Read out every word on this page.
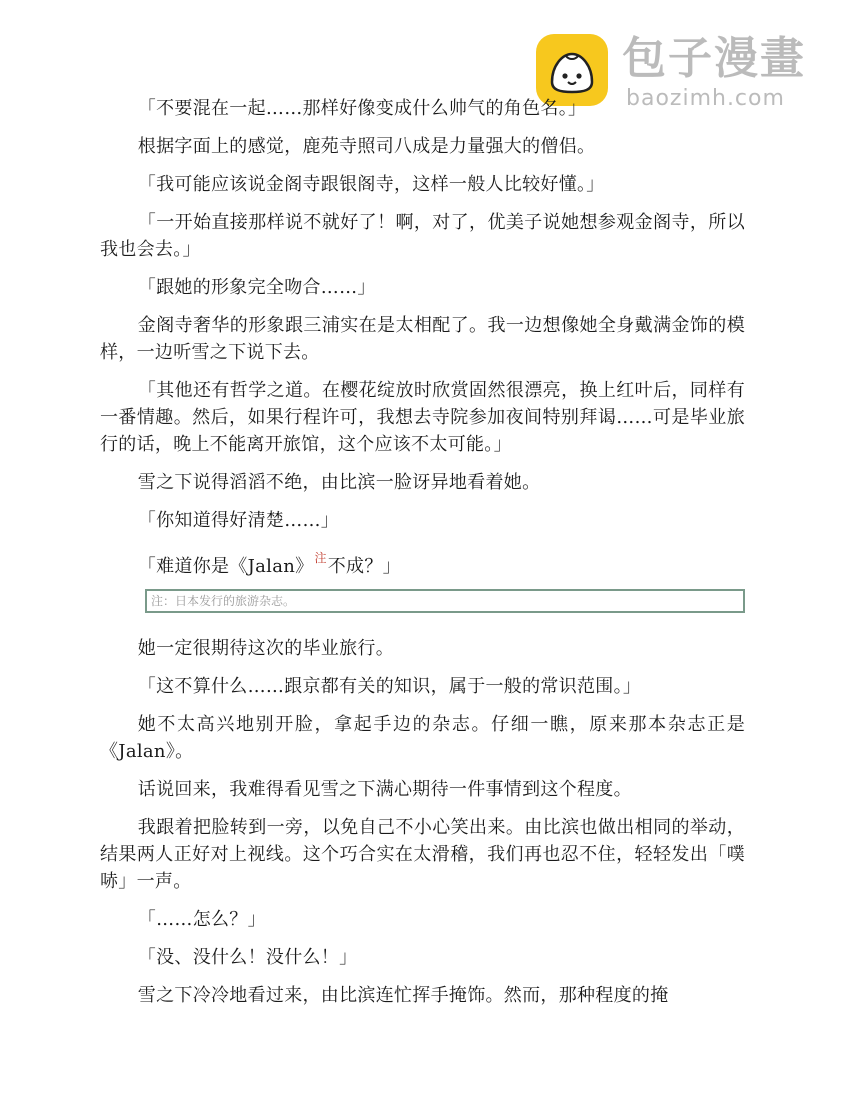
包子漫畫
baozimh.com

「不要混在一起……那样好像变成什么帅气的角色名。」

根据字面上的感觉，鹿苑寺照司八成是力量强大的僧侣。

「我可能应该说金阁寺跟银阁寺，这样一般人比较好懂。」

「一开始直接那样说不就好了！啊，对了，优美子说她想参观金阁寺，所以我也会去。」

「跟她的形象完全吻合……」

金阁寺奢华的形象跟三浦实在是太相配了。我一边想像她全身戴满金饰的模样，一边听雪之下说下去。

「其他还有哲学之道。在樱花绽放时欣赏固然很漂亮，换上红叶后，同样有一番情趣。然后，如果行程许可，我想去寺院参加夜间特别拜谒……可是毕业旅行的话，晚上不能离开旅馆，这个应该不太可能。」

雪之下说得滔滔不绝，由比滨一脸讶异地看着她。

「你知道得好清楚……」

「难道你是《Jalan》$^注$不成？」

注：日本发行的旅游杂志。

她一定很期待这次的毕业旅行。

「这不算什么……跟京都有关的知识，属于一般的常识范围。」

她不太高兴地别开脸，拿起手边的杂志。仔细一瞧，原来那本杂志正是《Jalan》。

话说回来，我难得看见雪之下满心期待一件事情到这个程度。

我跟着把脸转到一旁，以免自己不小心笑出来。由比滨也做出相同的举动，结果两人正好对上视线。这个巧合实在太滑稽，我们再也忍不住，轻轻发出「噗哧」一声。

「……怎么？」

「没、没什么！没什么！」

雪之下冷冷地看过来，由比滨连忙挥手掩饰。然而，那种程度的掩
